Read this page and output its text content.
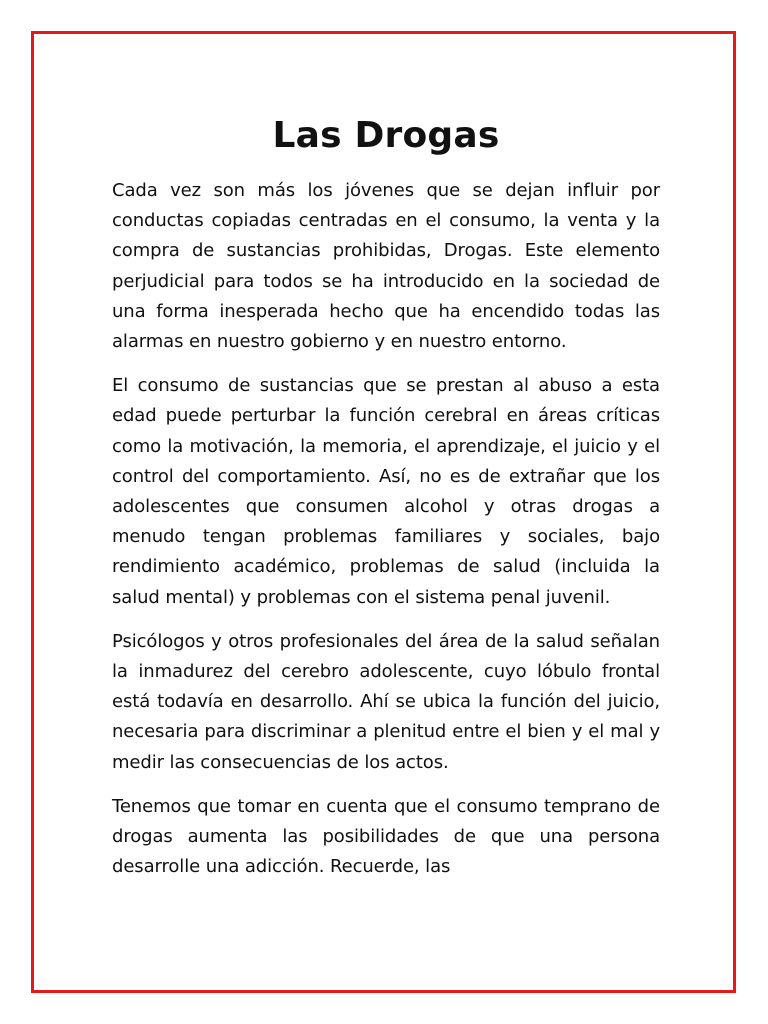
Las Drogas

Cada vez son más los jóvenes que se dejan influir por conductas copiadas centradas en el consumo, la venta y la compra de sustancias prohibidas, Drogas. Este elemento perjudicial para todos se ha introducido en la sociedad de una forma inesperada hecho que ha encendido todas las alarmas en nuestro gobierno y en nuestro entorno.

El consumo de sustancias que se prestan al abuso a esta edad puede perturbar la función cerebral en áreas críticas como la motivación, la memoria, el aprendizaje, el juicio y el control del comportamiento. Así, no es de extrañar que los adolescentes que consumen alcohol y otras drogas a menudo tengan problemas familiares y sociales, bajo rendimiento académico, problemas de salud (incluida la salud mental) y problemas con el sistema penal juvenil.

Psicólogos y otros profesionales del área de la salud señalan la inmadurez del cerebro adolescente, cuyo lóbulo frontal está todavía en desarrollo. Ahí se ubica la función del juicio, necesaria para discriminar a plenitud entre el bien y el mal y medir las consecuencias de los actos.

Tenemos que tomar en cuenta que el consumo temprano de drogas aumenta las posibilidades de que una persona desarrolle una adicción. Recuerde, las
